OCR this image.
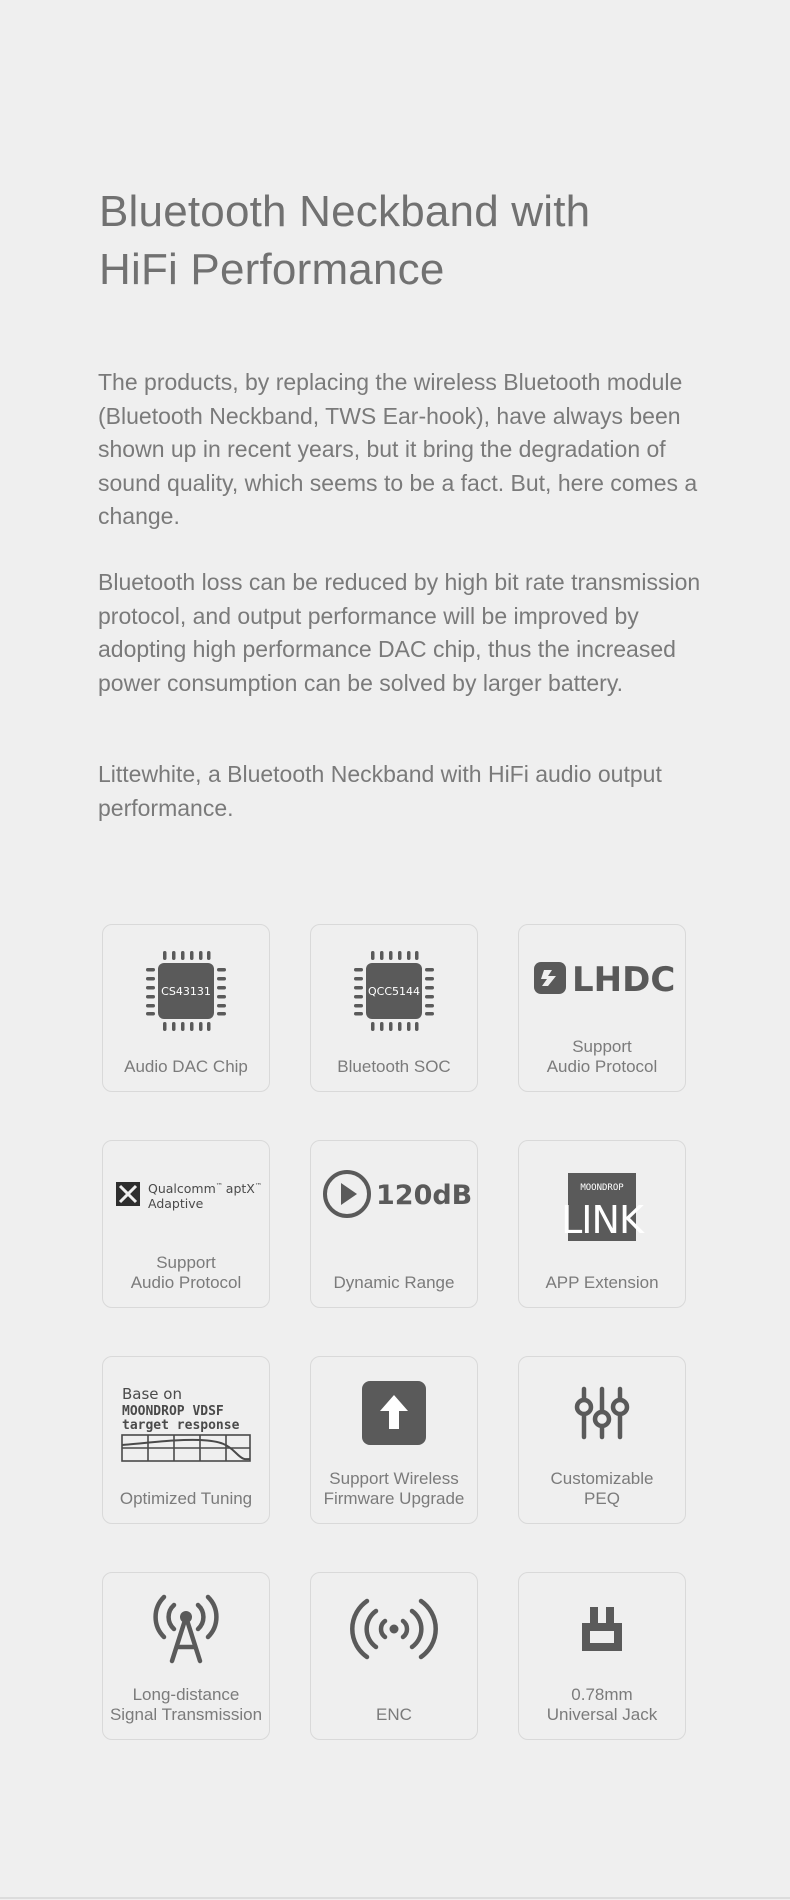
Bluetooth Neckband with
HiFi Performance

The products, by replacing the wireless Bluetooth module (Bluetooth Neckband, TWS Ear-hook), have always been shown up in recent years, but it bring the degradation of sound quality, which seems to be a fact. But, here comes a change.

Bluetooth loss can be reduced by high bit rate transmission protocol, and output performance will be improved by adopting high performance DAC chip, thus the increased power consumption can be solved by larger battery.

Littewhite, a Bluetooth Neckband with HiFi audio output performance.

CS43131
Audio DAC Chip
QCC5144
Bluetooth SOC
LHDC
Support
Audio Protocol
Qualcomm™ aptX™
Adaptive
Support
Audio Protocol
120dB
Dynamic Range
MOONDROP
LINK
APP Extension
Base on
MOONDROP VDSF
target response
Optimized Tuning
Support Wireless
Firmware Upgrade
Customizable
PEQ
Long-distance
Signal Transmission	ENC
0.78mm
Universal Jack
